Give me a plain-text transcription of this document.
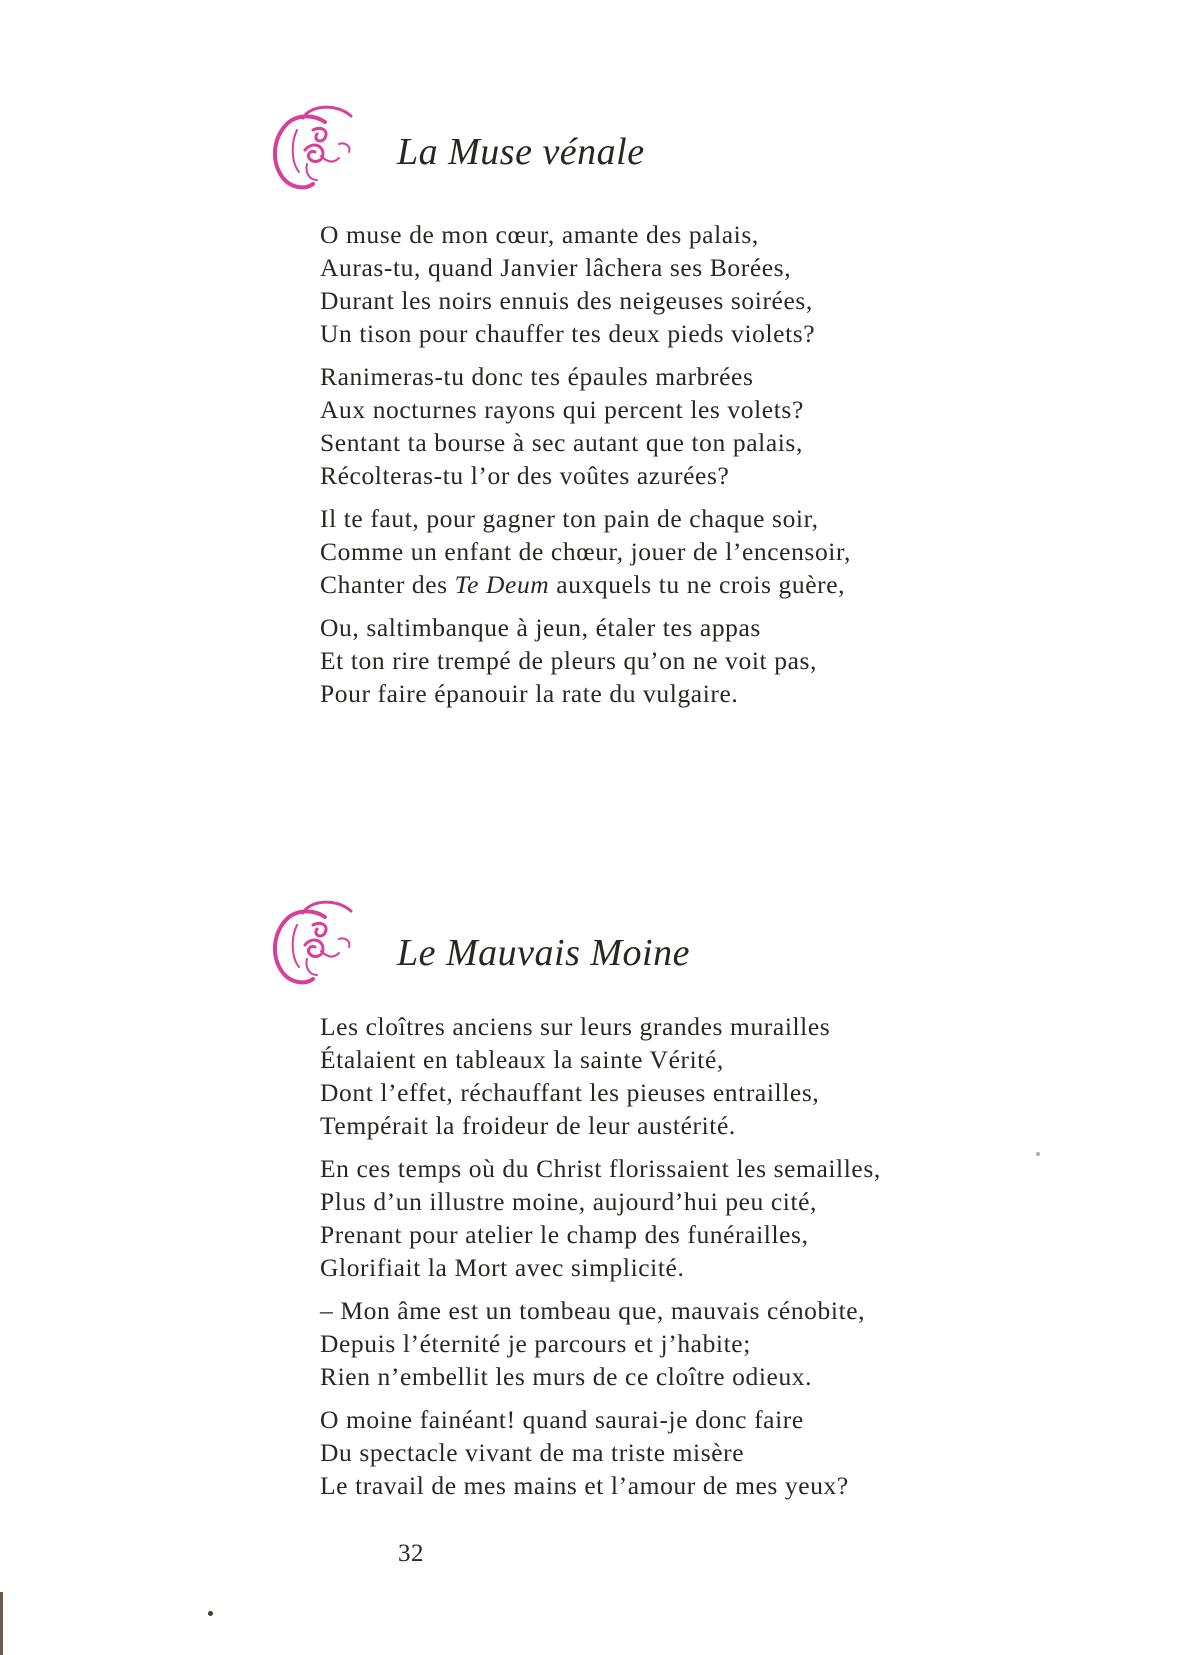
La Muse vénale
O muse de mon cœur, amante des palais,
Auras-tu, quand Janvier lâchera ses Borées,
Durant les noirs ennuis des neigeuses soirées,
Un tison pour chauffer tes deux pieds violets?
Ranimeras-tu donc tes épaules marbrées
Aux nocturnes rayons qui percent les volets?
Sentant ta bourse à sec autant que ton palais,
Récolteras-tu l’or des voûtes azurées?
Il te faut, pour gagner ton pain de chaque soir,
Comme un enfant de chœur, jouer de l’encensoir,
Chanter des Te Deum auxquels tu ne crois guère,
Ou, saltimbanque à jeun, étaler tes appas
Et ton rire trempé de pleurs qu’on ne voit pas,
Pour faire épanouir la rate du vulgaire.
Le Mauvais Moine
Les cloîtres anciens sur leurs grandes murailles
Étalaient en tableaux la sainte Vérité,
Dont l’effet, réchauffant les pieuses entrailles,
Tempérait la froideur de leur austérité.
En ces temps où du Christ florissaient les semailles,
Plus d’un illustre moine, aujourd’hui peu cité,
Prenant pour atelier le champ des funérailles,
Glorifiait la Mort avec simplicité.
– Mon âme est un tombeau que, mauvais cénobite,
Depuis l’éternité je parcours et j’habite;
Rien n’embellit les murs de ce cloître odieux.
O moine fainéant! quand saurai-je donc faire
Du spectacle vivant de ma triste misère
Le travail de mes mains et l’amour de mes yeux?
32
